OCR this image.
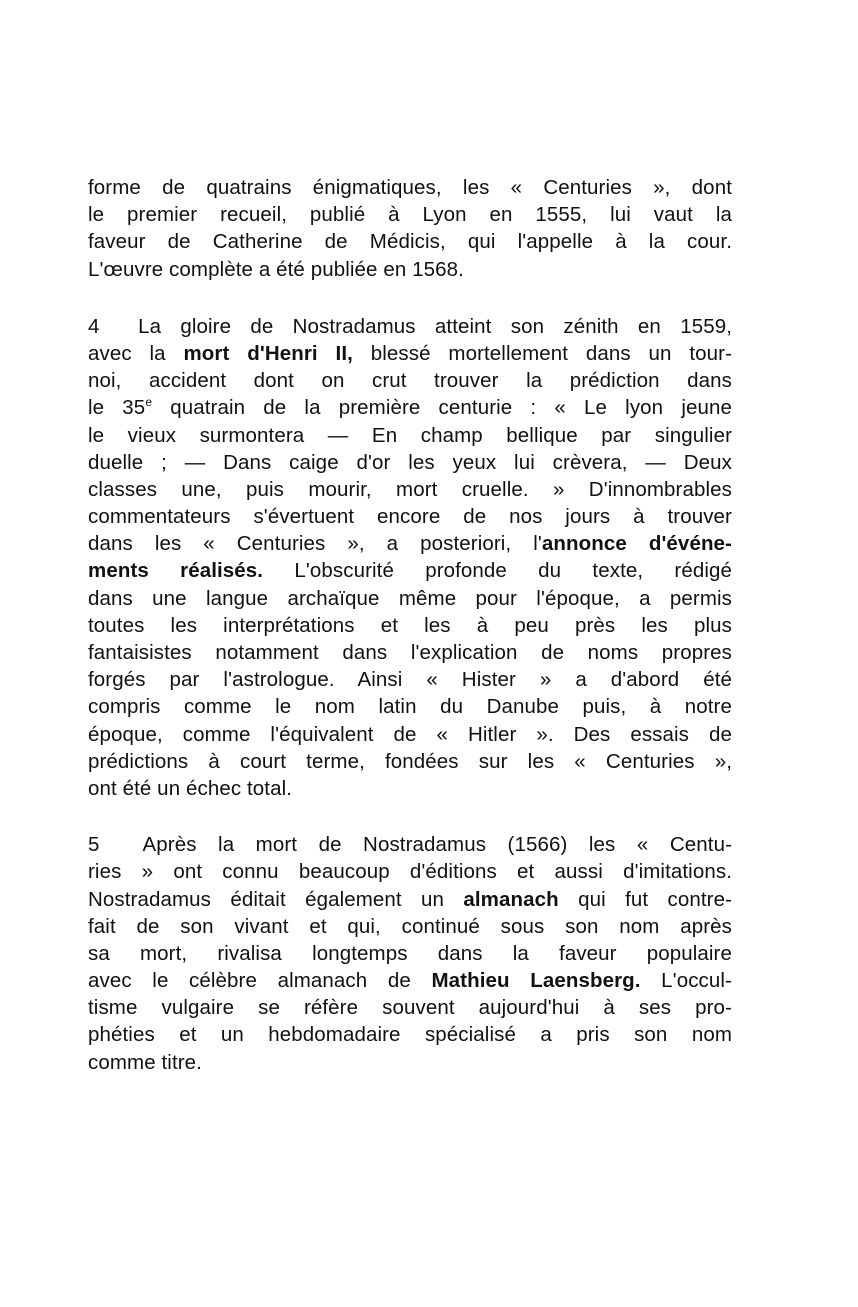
forme de quatrains énigmatiques, les « Centuries », dont
le premier recueil, publié à Lyon en 1555, lui vaut la
faveur de Catherine de Médicis, qui l'appelle à la cour.
L'œuvre complète a été publiée en 1568.
4 La gloire de Nostradamus atteint son zénith en 1559,
avec la mort d'Henri II, blessé mortellement dans un tour-
noi, accident dont on crut trouver la prédiction dans
le 35e quatrain de la première centurie : « Le lyon jeune
le vieux surmontera — En champ bellique par singulier
duelle ; — Dans caige d'or les yeux lui crèvera, — Deux
classes une, puis mourir, mort cruelle. » D'innombrables
commentateurs s'évertuent encore de nos jours à trouver
dans les « Centuries », a posteriori, l'annonce d'événe-
ments réalisés. L'obscurité profonde du texte, rédigé
dans une langue archaïque même pour l'époque, a permis
toutes les interprétations et les à peu près les plus
fantaisistes notamment dans l'explication de noms propres
forgés par l'astrologue. Ainsi « Hister » a d'abord été
compris comme le nom latin du Danube puis, à notre
époque, comme l'équivalent de « Hitler ». Des essais de
prédictions à court terme, fondées sur les « Centuries »,
ont été un échec total.
5 Après la mort de Nostradamus (1566) les « Centu-
ries » ont connu beaucoup d'éditions et aussi d'imitations.
Nostradamus éditait également un almanach qui fut contre-
fait de son vivant et qui, continué sous son nom après
sa mort, rivalisa longtemps dans la faveur populaire
avec le célèbre almanach de Mathieu Laensberg. L'occul-
tisme vulgaire se réfère souvent aujourd'hui à ses pro-
phéties et un hebdomadaire spécialisé a pris son nom
comme titre.
